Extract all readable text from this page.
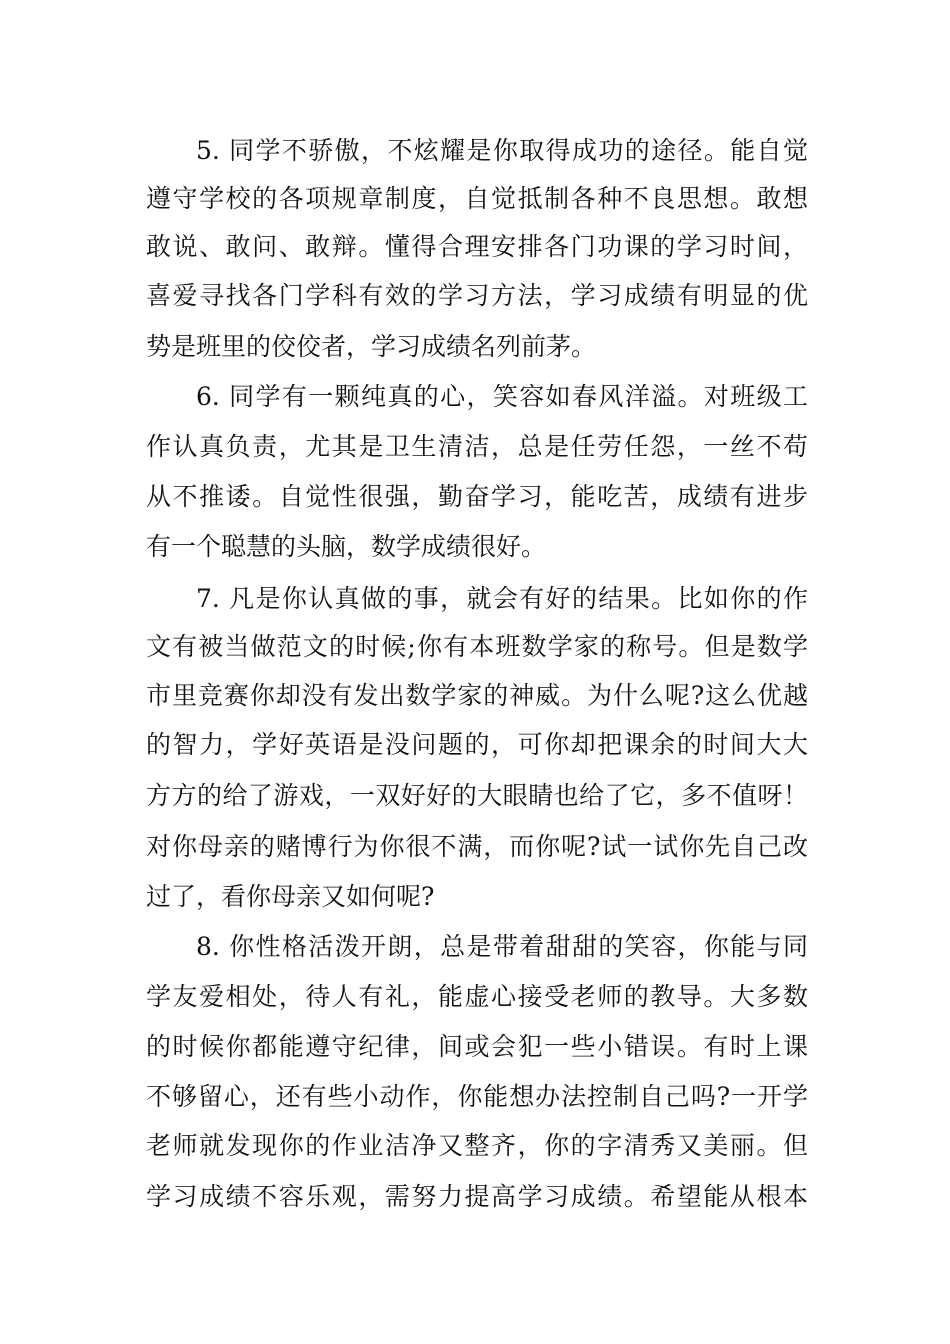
5. 同学不骄傲，不炫耀是你取得成功的途径。能自觉
遵守学校的各项规章制度，自觉抵制各种不良思想。敢想
敢说、敢问、敢辩。懂得合理安排各门功课的学习时间，
喜爱寻找各门学科有效的学习方法，学习成绩有明显的优
势是班里的佼佼者，学习成绩名列前茅。
6. 同学有一颗纯真的心，笑容如春风洋溢。对班级工
作认真负责，尤其是卫生清洁，总是任劳任怨，一丝不苟
从不推诿。自觉性很强，勤奋学习，能吃苦，成绩有进步
有一个聪慧的头脑，数学成绩很好。
7. 凡是你认真做的事，就会有好的结果。比如你的作
文有被当做范文的时候;你有本班数学家的称号。但是数学
市里竞赛你却没有发出数学家的神威。为什么呢?这么优越
的智力，学好英语是没问题的，可你却把课余的时间大大
方方的给了游戏，一双好好的大眼睛也给了它，多不值呀！
对你母亲的赌博行为你很不满，而你呢?试一试你先自己改
过了，看你母亲又如何呢?
8. 你性格活泼开朗，总是带着甜甜的笑容，你能与同
学友爱相处，待人有礼，能虚心接受老师的教导。大多数
的时候你都能遵守纪律，间或会犯一些小错误。有时上课
不够留心，还有些小动作，你能想办法控制自己吗?一开学
老师就发现你的作业洁净又整齐，你的字清秀又美丽。但
学习成绩不容乐观，需努力提高学习成绩。希望能从根本
